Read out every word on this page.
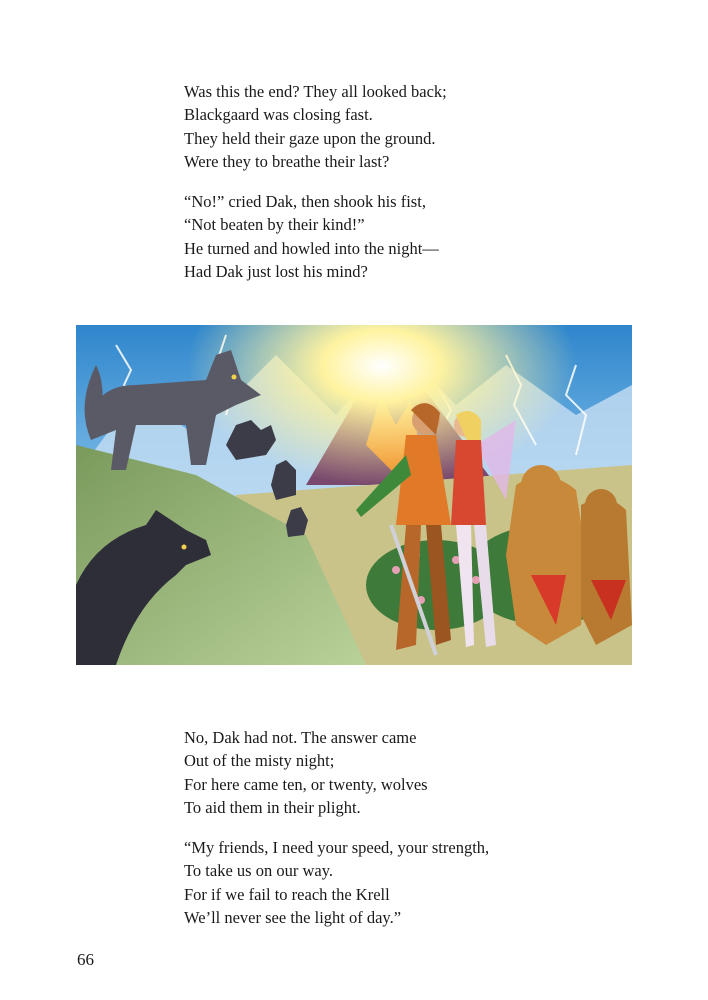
Was this the end? They all looked back;
Blackgaard was closing fast.
They held their gaze upon the ground.
Were they to breathe their last?
“No!” cried Dak, then shook his fist,
“Not beaten by their kind!”
He turned and howled into the night—
Had Dak just lost his mind?
No, Dak had not. The answer came
Out of the misty night;
For here came ten, or twenty, wolves
To aid them in their plight.
“My friends, I need your speed, your strength,
To take us on our way.
For if we fail to reach the Krell
We’ll never see the light of day.”
66
